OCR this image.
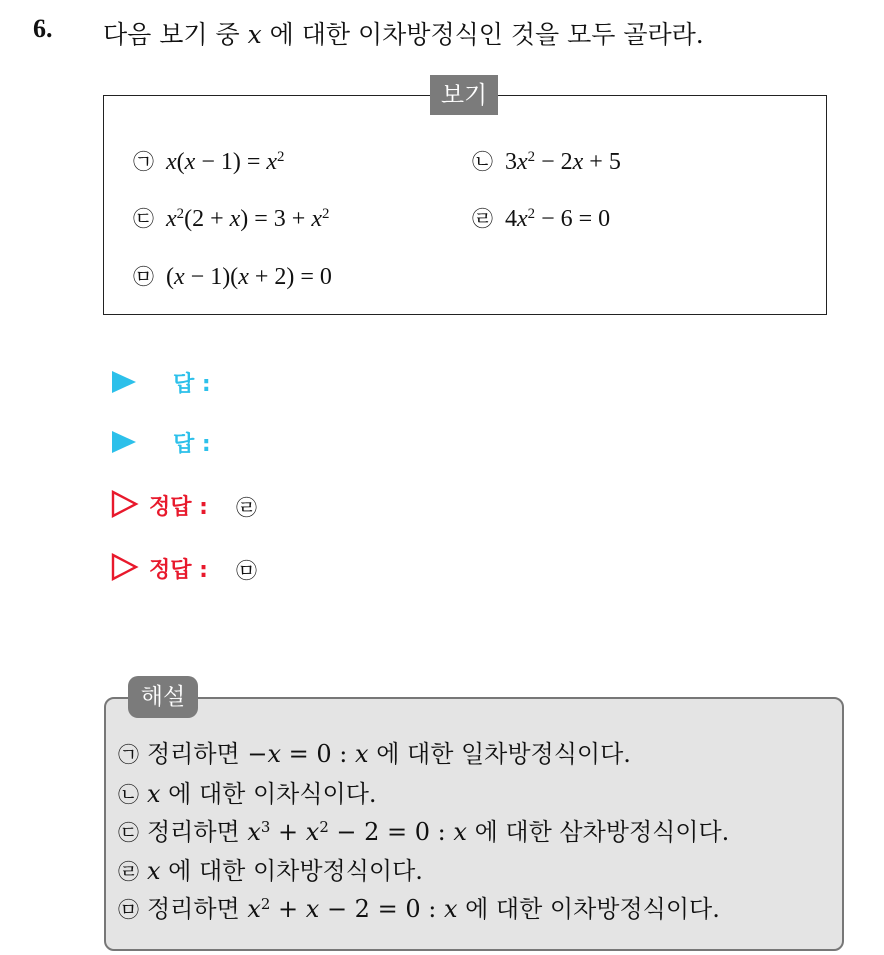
6. 다음 보기 중 x 에 대한 이차방정식인 것을 모두 골라라.
보기
㉠ $x(x - 1) = x^2$	㉡ $3x^2 - 2x + 5$
㉢ $x^2(2 + x) = 3 + x^2$	㉣ $4x^2 - 6 = 0$
㉤ (x − 1)(x + 2) = 0
답 :
답 :
정답 : ㉣
정답 : ㉤
해설
㉠ 정리하면 −x = 0 : x 에 대한 일차방정식이다.
㉡ x 에 대한 이차식이다.
㉢ 정리하면 $x^3 + x^2 - 2 = 0$ : x 에 대한 삼차방정식이다.
㉣ x 에 대한 이차방정식이다.
㉤ 정리하면 $x^2 + x - 2 = 0$ : x 에 대한 이차방정식이다.
